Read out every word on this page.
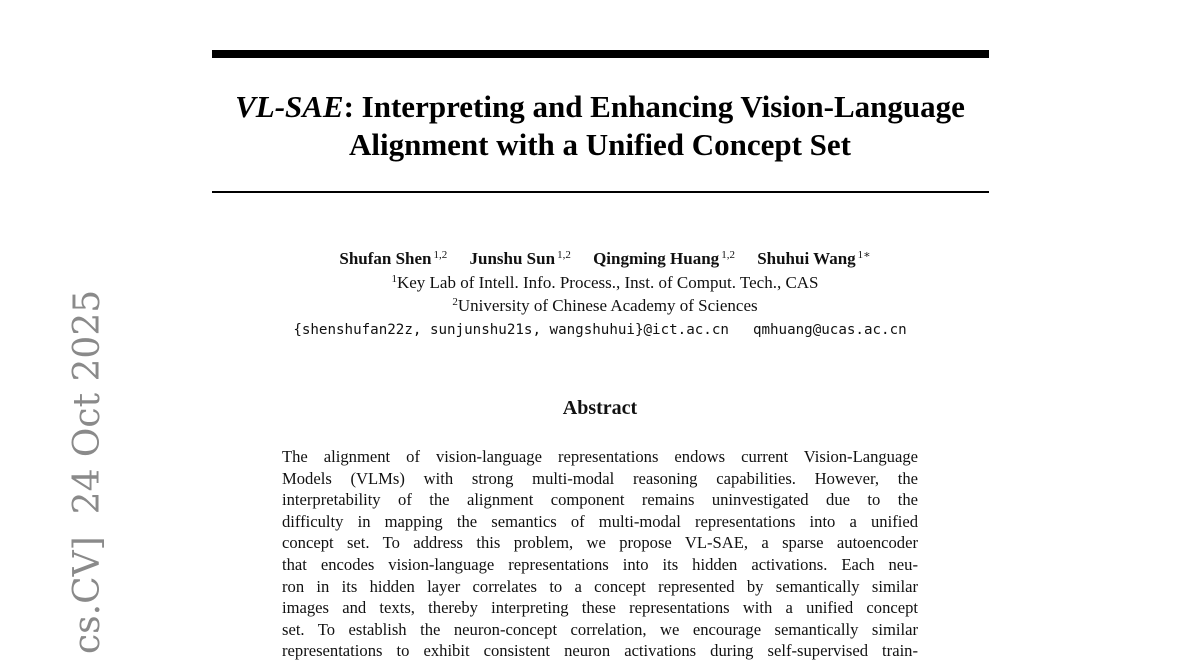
VL-SAE: Interpreting and Enhancing Vision-Language
Alignment with a Unified Concept Set
Shufan Shen $^{1,2}$ Junshu Sun $^{1,2}$ Qingming Huang $^{1,2}$ Shuhui Wang $^{1∗}$
$^1$Key Lab of Intell. Info. Process., Inst. of Comput. Tech., CAS
$^2$University of Chinese Academy of Sciences
{shenshufan22z, sunjunshu21s, wangshuhui}@ict.ac.cn qmhuang@ucas.ac.cn
Abstract
The alignment of vision-language representations endows current Vision-Language
Models (VLMs) with strong multi-modal reasoning capabilities. However, the
interpretability of the alignment component remains uninvestigated due to the
difficulty in mapping the semantics of multi-modal representations into a unified
concept set. To address this problem, we propose VL-SAE, a sparse autoencoder
that encodes vision-language representations into its hidden activations. Each neu-
ron in its hidden layer correlates to a concept represented by semantically similar
images and texts, thereby interpreting these representations with a unified concept
set. To establish the neuron-concept correlation, we encourage semantically similar
representations to exhibit consistent neuron activations during self-supervised train-
cs.CV]24 Oct 2025
